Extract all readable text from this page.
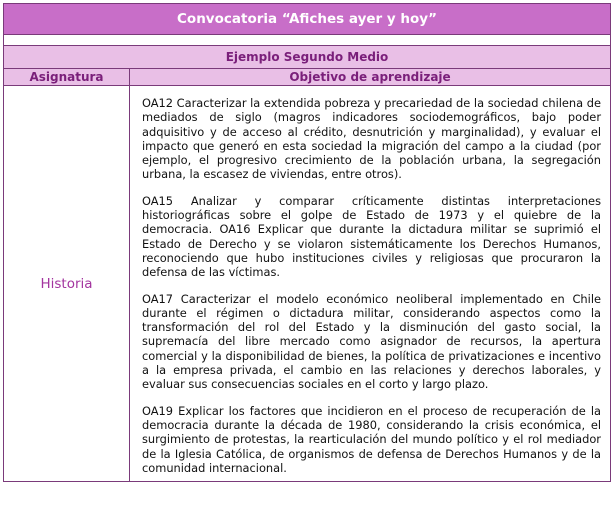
Convocatoria “Afiches ayer y hoy”	

Ejemplo Segundo Medio	
Asignatura	Objetivo de aprendizaje
Historia	OA12 Caracterizar la extendida pobreza y precariedad de la sociedad chilena de mediados de siglo (magros indicadores sociodemográficos, bajo poder adquisitivo y de acceso al crédito, desnutrición y marginalidad), y evaluar el impacto que generó en esta sociedad la migración del campo a la ciudad (por ejemplo, el progresivo crecimiento de la población urbana, la segregación urbana, la escasez de viviendas, entre otros).

OA15 Analizar y comparar críticamente distintas interpretaciones historiográficas sobre el golpe de Estado de 1973 y el quiebre de la democracia. OA16 Explicar que durante la dictadura militar se suprimió el Estado de Derecho y se violaron sistemáticamente los Derechos Humanos, reconociendo que hubo instituciones civiles y religiosas que procuraron la defensa de las víctimas.

OA17 Caracterizar el modelo económico neoliberal implementado en Chile durante el régimen o dictadura militar, considerando aspectos como la transformación del rol del Estado y la disminución del gasto social, la supremacía del libre mercado como asignador de recursos, la apertura comercial y la disponibilidad de bienes, la política de privatizaciones e incentivo a la empresa privada, el cambio en las relaciones y derechos laborales, y evaluar sus consecuencias sociales en el corto y largo plazo.

OA19 Explicar los factores que incidieron en el proceso de recuperación de la democracia durante la década de 1980, considerando la crisis económica, el surgimiento de protestas, la rearticulación del mundo político y el rol mediador de la Iglesia Católica, de organismos de defensa de Derechos Humanos y de la comunidad internacional.
